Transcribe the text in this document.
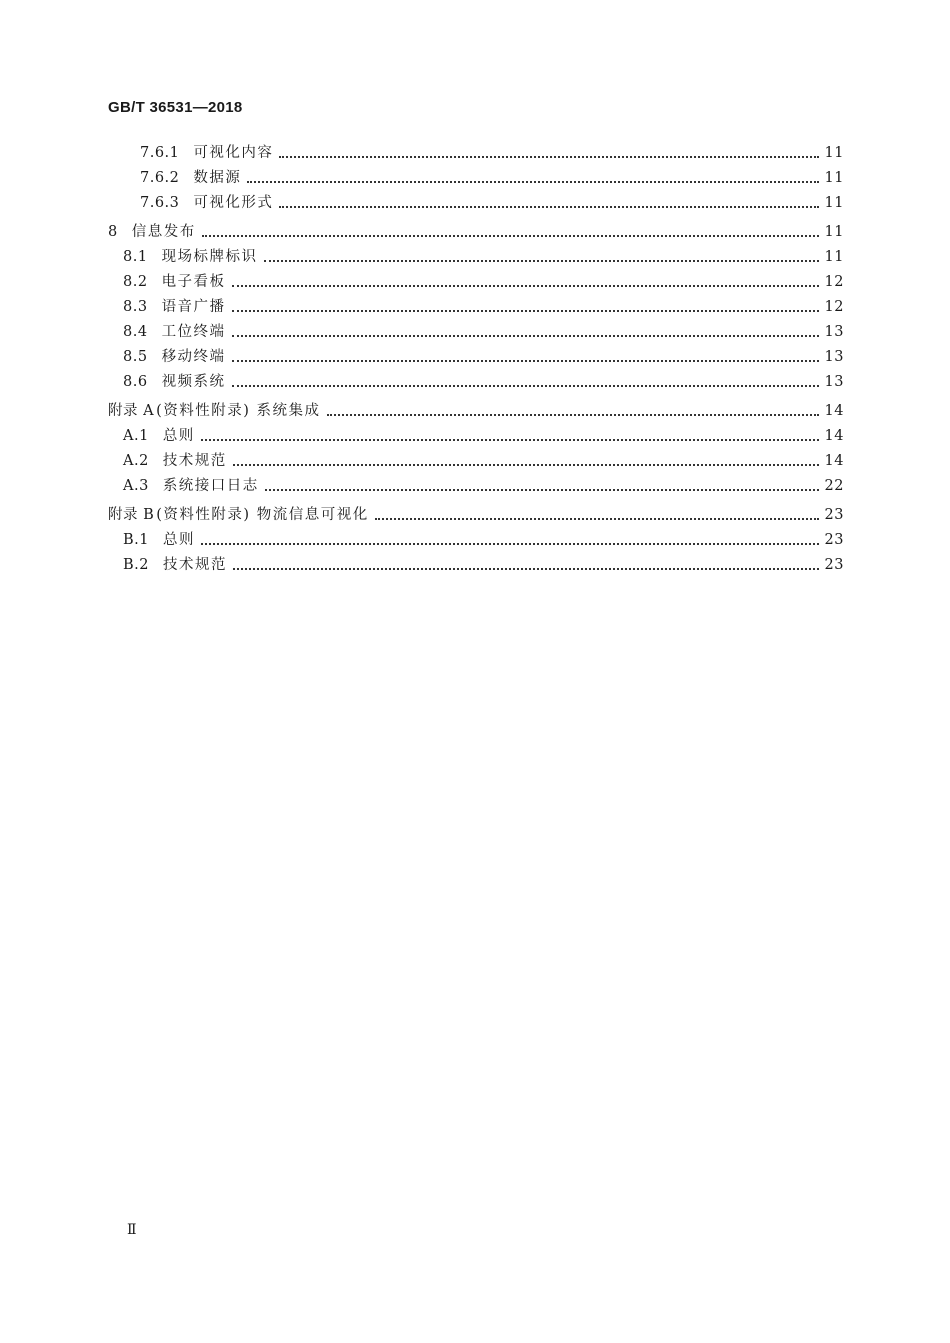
GB/T 36531—2018
7.6.1 可视化内容	11
7.6.2 数据源	11
7.6.3 可视化形式	11
8 信息发布	11
8.1 现场标牌标识	11
8.2 电子看板	12
8.3 语音广播	12
8.4 工位终端	13
8.5 移动终端	13
8.6 视频系统	13
附录 A (资料性附录) 系统集成	14
A.1 总则	14
A.2 技术规范	14
A.3 系统接口日志	22
附录 B (资料性附录) 物流信息可视化	23
B.1 总则	23
B.2 技术规范	23
Ⅱ
